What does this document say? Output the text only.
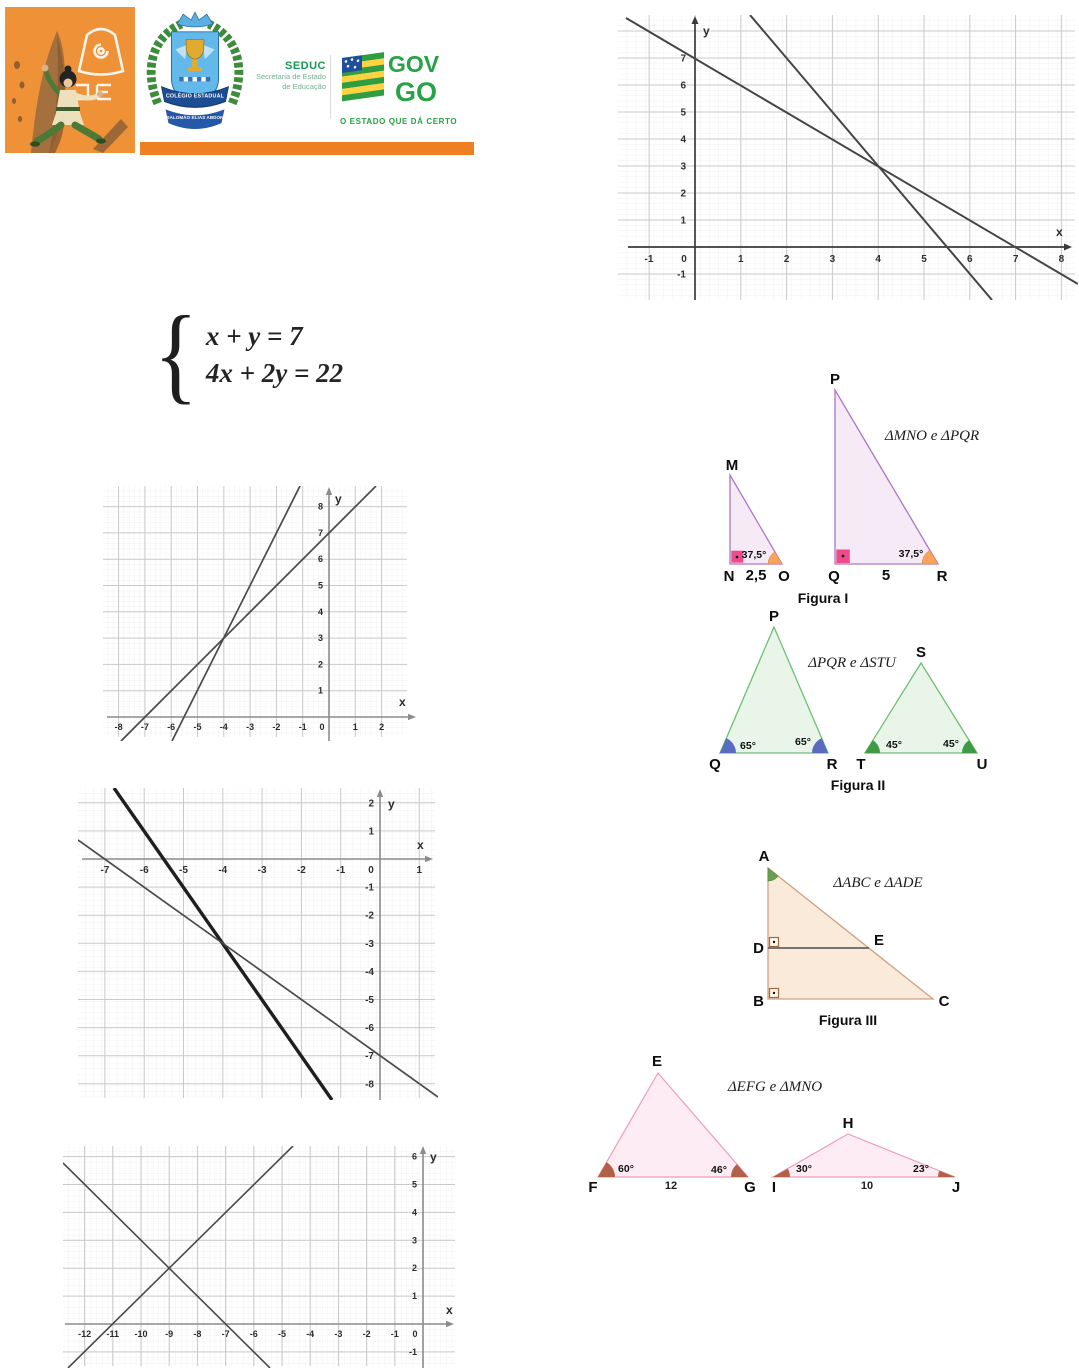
COLÉGIO ESTADUAL
SALOMÃO ELIAS ABDON
SEDUC
Secretaria de Estado
de Educação
GOV
GO
O ESTADO QUE DÁ CERTO
{ x + y = 7
4x + 2y = 22
-1	0	1	2	3	4	5	6	7	8
7
6
5
4
3
2
1
-1
y
x
-8 -7 -6 -5 -4 -3 -2 -1 0	1 2
8
7
6
5
4
3
2
1
y
x
-7	-6	-5	-4	-3	-2	-1 0	1
2
1
-1
-2
-3
-4
-5
-6
-7
-8
y
x
-12 -11 -10 -9 -8 -7 -6 -5 -4 -3 -2 -1 0
6
5
4
3
2
1
-1
y
x
37,5°
M
N	O
2,5
37,5°
P
Q	R
5
ΔMNO e ΔPQR
Figura I
65°	65°
P
Q	R
45°	45°
S
T	U
ΔPQR e ΔSTU
Figura II
A
D	E
B	C
ΔABC e ΔADE
Figura III
60°	46°
E
F	G
12
30°	23°
H
I	J
10
ΔEFG e ΔMNO
